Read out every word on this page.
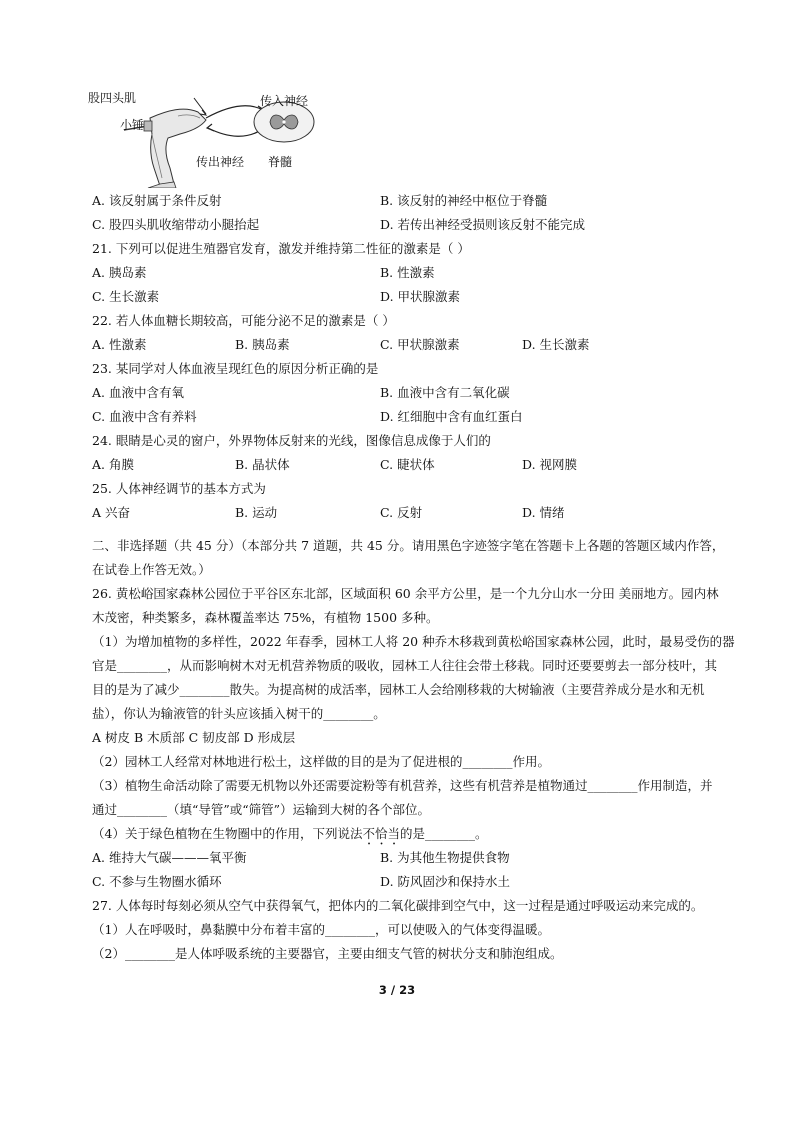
股四头肌
小锤
传入神经
传出神经 脊髓
A. 该反射属于条件反射	B. 该反射的神经中枢位于脊髓
C. 股四头肌收缩带动小腿抬起	D. 若传出神经受损则该反射不能完成
21. 下列可以促进生殖器官发育，激发并维持第二性征的激素是（ ）
A. 胰岛素	B. 性激素
C. 生长激素	D. 甲状腺激素
22. 若人体血糖长期较高，可能分泌不足的激素是（ ）
A. 性激素	B. 胰岛素	C. 甲状腺激素	D. 生长激素
23. 某同学对人体血液呈现红色的原因分析正确的是
A. 血液中含有氧	B. 血液中含有二氧化碳
C. 血液中含有养料	D. 红细胞中含有血红蛋白
24. 眼睛是心灵的窗户，外界物体反射来的光线，图像信息成像于人们的
A. 角膜	B. 晶状体	C. 睫状体	D. 视网膜
25. 人体神经调节的基本方式为
A 兴奋	B. 运动	C. 反射	D. 情绪
二、非选择题（共 45 分）（本部分共 7 道题，共 45 分。请用黑色字迹签字笔在答题卡上各题的答题区域内作答，
在试卷上作答无效。）
26. 黄松峪国家森林公园位于平谷区东北部，区域面积 60 余平方公里，是一个九分山水一分田 美丽地方。园内林
木茂密，种类繁多，森林覆盖率达 75%，有植物 1500 多种。
（1）为增加植物的多样性，2022 年春季，园林工人将 20 种乔木移栽到黄松峪国家森林公园，此时，最易受伤的器
官是________，从而影响树木对无机营养物质的吸收，园林工人往往会带土移栽。同时还要要剪去一部分枝叶，其
目的是为了减少________散失。为提高树的成活率，园林工人会给刚移栽的大树输液（主要营养成分是水和无机
盐），你认为输液管的针头应该插入树干的________。
A 树皮 B 木质部 C 韧皮部 D 形成层
（2）园林工人经常对林地进行松土，这样做的目的是为了促进根的________作用。
（3）植物生命活动除了需要无机物以外还需要淀粉等有机营养，这些有机营养是植物通过________作用制造，并
通过________（填“导管”或“筛管”）运输到大树的各个部位。
（4）关于绿色植物在生物圈中的作用，下列说法不恰当的是________。
A. 维持大气碳———氧平衡	B. 为其他生物提供食物
C. 不参与生物圈水循环	D. 防风固沙和保持水土
27. 人体每时每刻必须从空气中获得氧气，把体内的二氧化碳排到空气中，这一过程是通过呼吸运动来完成的。
（1）人在呼吸时，鼻黏膜中分布着丰富的________，可以使吸入的气体变得温暖。
（2）________是人体呼吸系统的主要器官，主要由细支气管的树状分支和肺泡组成。
3 / 23
